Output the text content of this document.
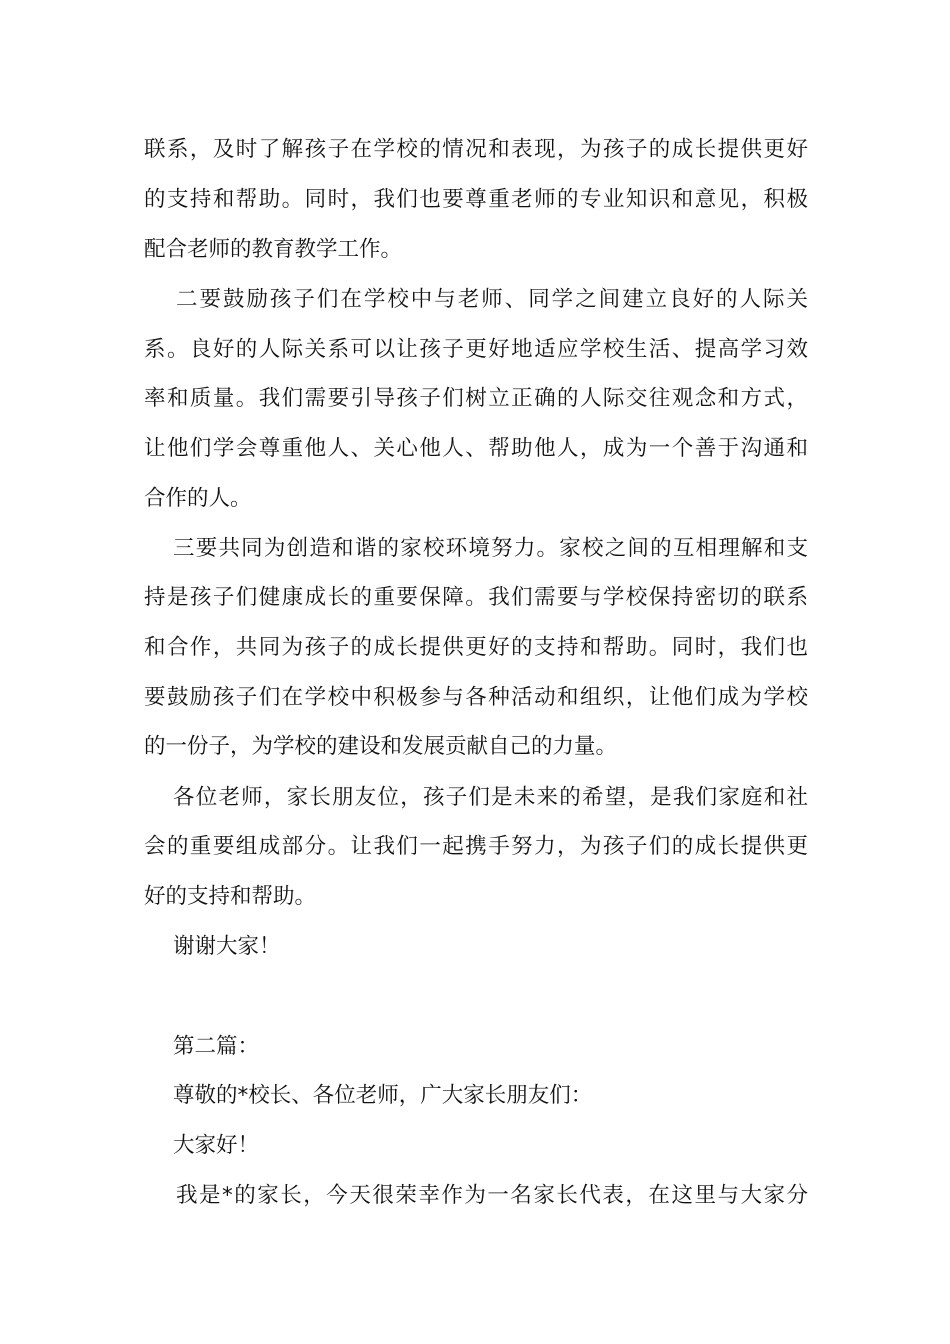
联系，及时了解孩子在学校的情况和表现，为孩子的成长提供更好
的支持和帮助。同时，我们也要尊重老师的专业知识和意见，积极
配合老师的教育教学工作。
二要鼓励孩子们在学校中与老师、同学之间建立良好的人际关
系。良好的人际关系可以让孩子更好地适应学校生活、提高学习效
率和质量。我们需要引导孩子们树立正确的人际交往观念和方式，
让他们学会尊重他人、关心他人、帮助他人，成为一个善于沟通和
合作的人。
三要共同为创造和谐的家校环境努力。家校之间的互相理解和支
持是孩子们健康成长的重要保障。我们需要与学校保持密切的联系
和合作，共同为孩子的成长提供更好的支持和帮助。同时，我们也
要鼓励孩子们在学校中积极参与各种活动和组织，让他们成为学校
的一份子，为学校的建设和发展贡献自己的力量。
各位老师，家长朋友位，孩子们是未来的希望，是我们家庭和社
会的重要组成部分。让我们一起携手努力，为孩子们的成长提供更
好的支持和帮助。
谢谢大家！
第二篇：
尊敬的*校长、各位老师，广大家长朋友们：
大家好！
我是*的家长，今天很荣幸作为一名家长代表，在这里与大家分
